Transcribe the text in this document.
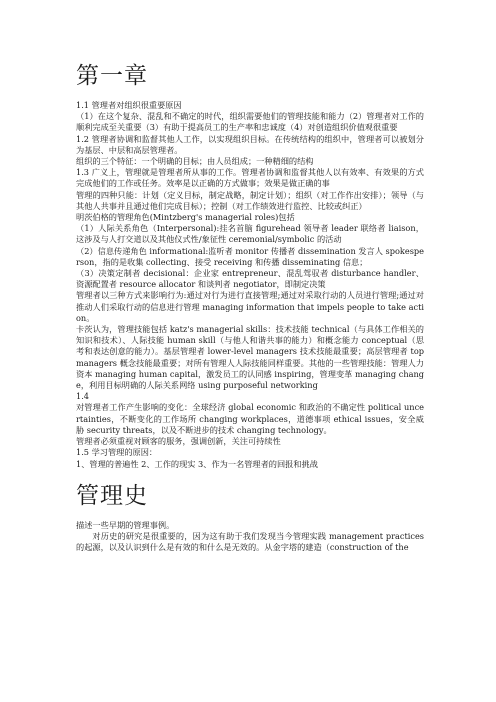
第一章

1.1 管理者对组织很重要原因

（1）在这个复杂、混乱和不确定的时代，组织需要他们的管理技能和能力（2）管理者对工作的顺利完成至关重要（3）有助于提高员工的生产率和忠诚度（4）对创造组织价值观很重要

1.2 管理者协调和监督其他人工作，以实现组织目标。在传统结构的组织中，管理者可以被划分为基层、中层和高层管理者。

组织的三个特征：一个明确的目标；由人员组成；一种精细的结构

1.3 广义上，管理就是管理者所从事的工作。管理者协调和监督其他人以有效率、有效果的方式完成他们的工作或任务。效率是以正确的方式做事；效果是做正确的事

管理的四种只能：计划（定义目标，制定战略，制定计划）；组织（对工作作出安排）；领导（与其他人共事并且通过他们完成目标）；控制（对工作绩效进行监控、比较或纠正）

明茨伯格的管理角色(Mintzberg's managerial roles)包括

（1）人际关系角色（Interpersonal):挂名首脑 figurehead 领导者 leader 联络者 liaison，这涉及与人打交道以及其他仪式性/象征性 ceremonial/symbolic 的活动

（2）信息传递角色 informational:监听者 monitor 传播者 dissemination 发言人 spokesperson，指的是收集 collecting、接受 receiving 和传播 disseminating 信息；

（3）决策定制者 decisional：企业家 entrepreneur、混乱驾驭者 disturbance handler、资源配置者 resource allocator 和谈判者 negotiator，即制定决策

管理者以三种方式来影响行为:通过对行为进行直接管理;通过对采取行动的人员进行管理;通过对推动人们采取行动的信息进行管理 managing information that impels people to take action。

卡茨认为，管理技能包括 katz's managerial skills：技术技能 technical（与具体工作相关的知识和技术）、人际技能 human skill（与他人和谐共事的能力）和概念能力 conceptual（思考和表达创意的能力）。基层管理者 lower-level managers 技术技能最重要；高层管理者 top managers 概念技能最重要；对所有管理人人际技能同样重要。其他的一些管理技能：管理人力资本 managing human capital，激发员工的认同感 inspiring，管理变革 managing change，利用目标明确的人际关系网络 using purposeful networking

1.4

对管理者工作产生影响的变化：全球经济 global economic 和政治的不确定性 political uncertainties，不断变化的工作场所 changing workplaces，道德事项 ethical issues，安全威胁 security threats，以及不断进步的技术 changing technology。

管理者必须重视对顾客的服务，强调创新，关注可持续性

1.5 学习管理的原因：

1、管理的普遍性 2、工作的现实 3、作为一名管理者的回报和挑战

管理史

描述一些早期的管理事例。

对历史的研究是很重要的，因为这有助于我们发现当今管理实践 management practices 的起源，以及认识到什么是有效的和什么是无效的。从金字塔的建造（construction of the
